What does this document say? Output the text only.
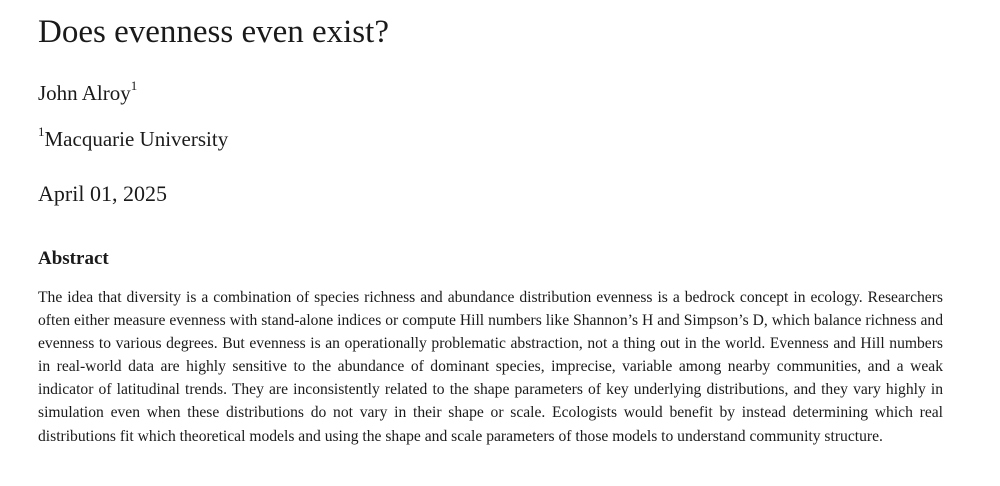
Does evenness even exist?
John Alroy$^1$
$^1$Macquarie University
April 01, 2025
Abstract

The idea that diversity is a combination of species richness and abundance distribution evenness is a bedrock concept in ecology. Researchers often either measure evenness with stand-alone indices or compute Hill numbers like Shannon’s H and Simpson’s D, which balance richness and evenness to various degrees. But evenness is an operationally problematic abstraction, not a thing out in the world. Evenness and Hill numbers in real-world data are highly sensitive to the abundance of dominant species, imprecise, variable among nearby communities, and a weak indicator of latitudinal trends. They are inconsistently related to the shape parameters of key underlying distributions, and they vary highly in simulation even when these distributions do not vary in their shape or scale. Ecologists would benefit by instead determining which real distributions fit which theoretical models and using the shape and scale parameters of those models to understand community structure.
